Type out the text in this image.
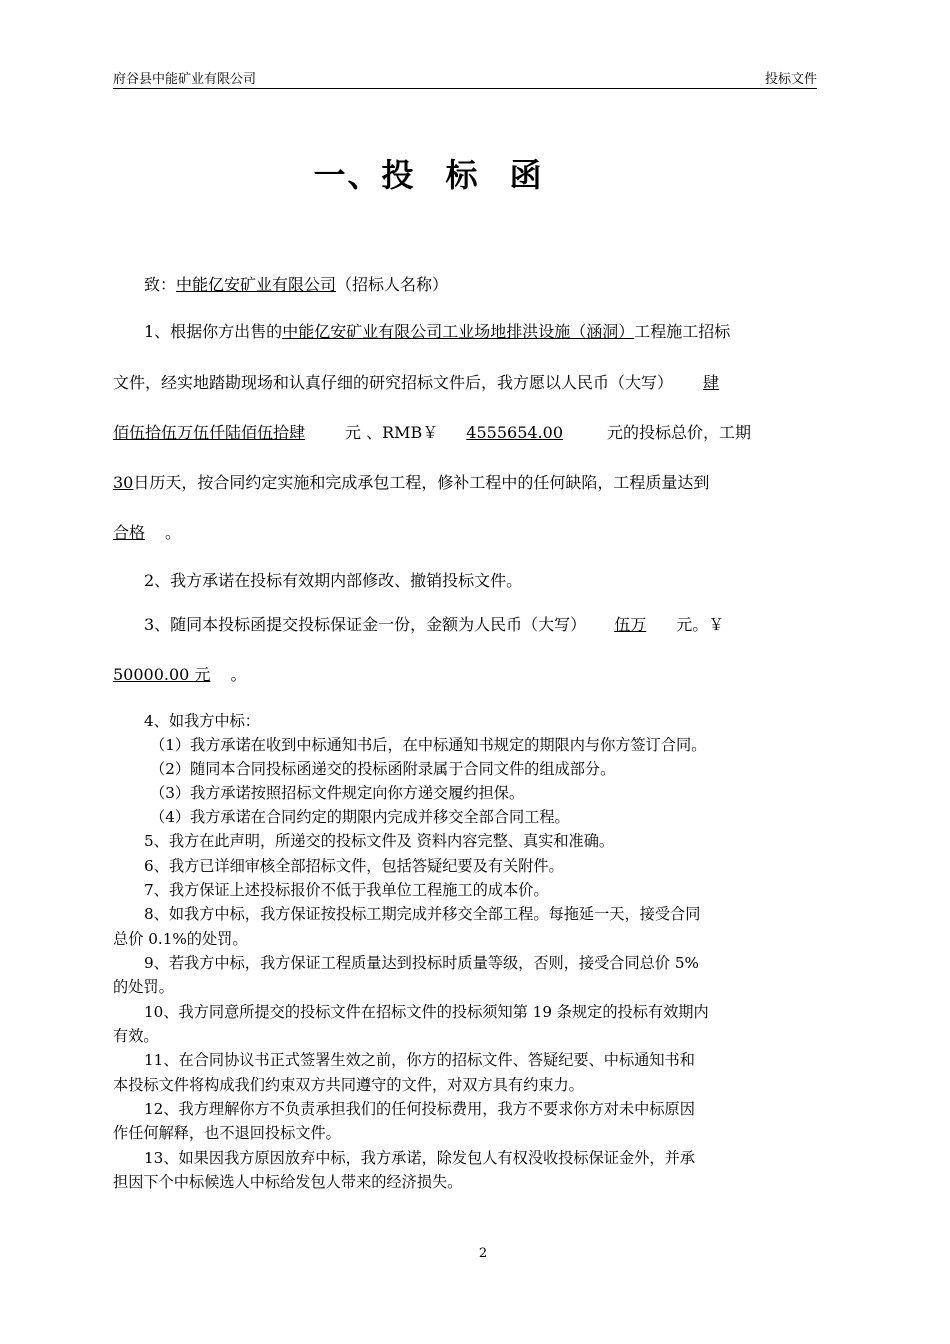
府谷县中能矿业有限公司	投标文件
一、投 标 函
致：中能亿安矿业有限公司（招标人名称）
1、根据你方出售的中能亿安矿业有限公司工业场地排洪设施（涵洞）工程施工招标
文件，经实地踏勘现场和认真仔细的研究招标文件后，我方愿以人民币（大写） 肆
佰伍拾伍万伍仟陆佰伍拾肆	元 、RMB￥ 4555654.00	元的投标总价，工期
30日历天，按合同约定实施和完成承包工程，修补工程中的任何缺陷，工程质量达到
合格 。
2、我方承诺在投标有效期内部修改、撤销投标文件。
3、随同本投标函提交投标保证金一份，金额为人民币（大写） 伍万 元。￥
50000.00 元 。
4、如我方中标：
（1）我方承诺在收到中标通知书后，在中标通知书规定的期限内与你方签订合同。
（2）随同本合同投标函递交的投标函附录属于合同文件的组成部分。
（3）我方承诺按照招标文件规定向你方递交履约担保。
（4）我方承诺在合同约定的期限内完成并移交全部合同工程。
5、我方在此声明，所递交的投标文件及 资料内容完整、真实和准确。
6、我方已详细审核全部招标文件，包括答疑纪要及有关附件。
7、我方保证上述投标报价不低于我单位工程施工的成本价。
8、如我方中标，我方保证按投标工期完成并移交全部工程。每拖延一天，接受合同
总价 0.1%的处罚。
9、若我方中标，我方保证工程质量达到投标时质量等级，否则，接受合同总价 5%
的处罚。
10、我方同意所提交的投标文件在招标文件的投标须知第 19 条规定的投标有效期内
有效。
11、在合同协议书正式签署生效之前，你方的招标文件、答疑纪要、中标通知书和
本投标文件将构成我们约束双方共同遵守的文件，对双方具有约束力。
12、我方理解你方不负责承担我们的任何投标费用，我方不要求你方对未中标原因
作任何解释，也不退回投标文件。
13、如果因我方原因放弃中标，我方承诺，除发包人有权没收投标保证金外，并承
担因下个中标候选人中标给发包人带来的经济损失。
2
